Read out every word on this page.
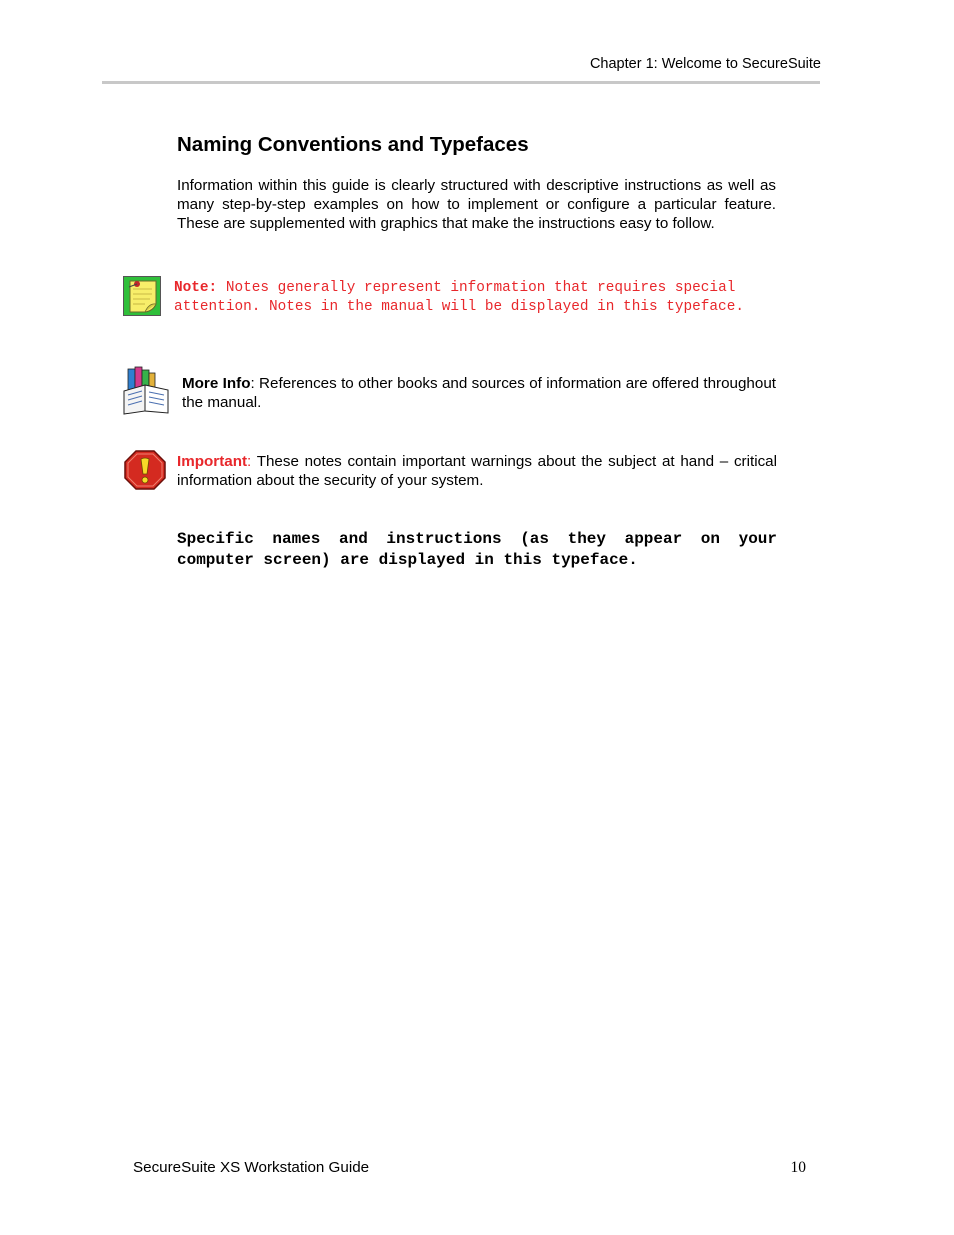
Chapter 1: Welcome to SecureSuite
Naming Conventions and Typefaces

Information within this guide is clearly structured with descriptive instructions as well as many step-by-step examples on how to implement or configure a particular feature. These are supplemented with graphics that make the instructions easy to follow.

Note: Notes generally represent information that requires special attention. Notes in the manual will be displayed in this typeface.

More Info: References to other books and sources of information are offered throughout the manual.

Important: These notes contain important warnings about the subject at hand – critical information about the security of your system.

Specific names and instructions (as they appear on your computer screen) are displayed in this typeface.

SecureSuite XS Workstation Guide	10
